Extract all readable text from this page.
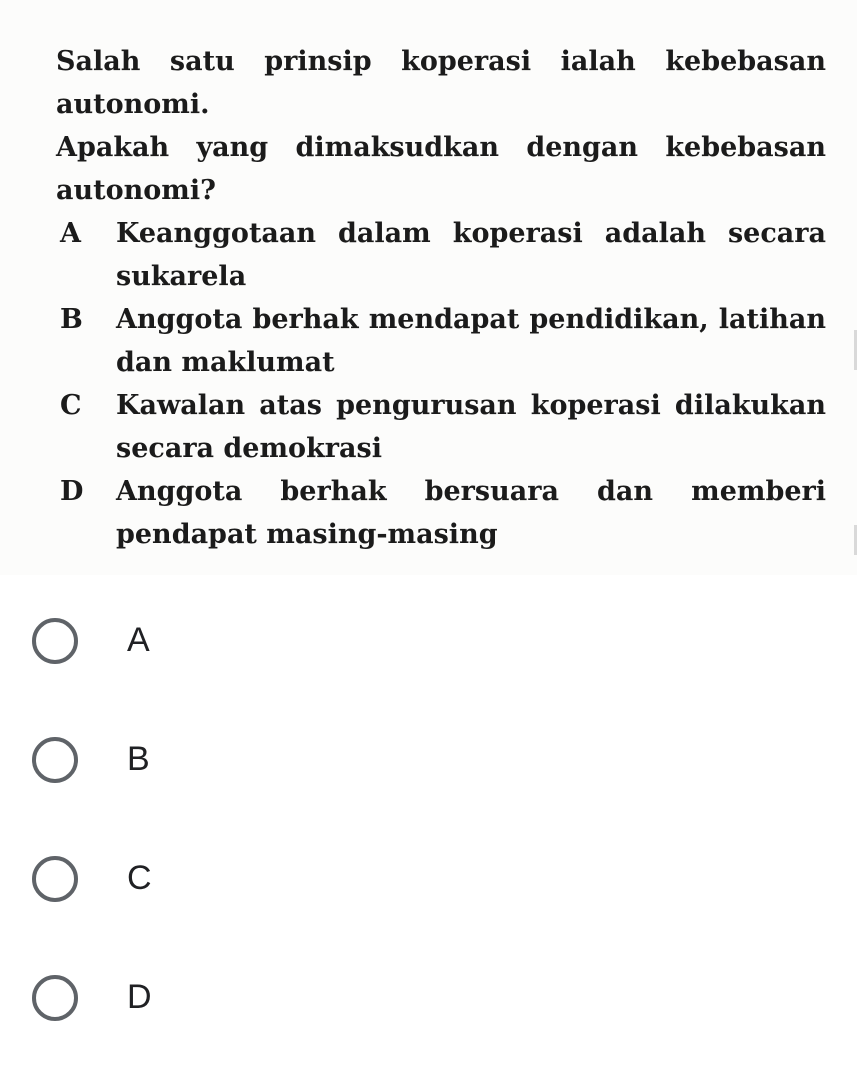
Salah satu prinsip koperasi ialah kebebasan autonomi.

Apakah yang dimaksudkan dengan kebebasan autonomi?

A Keanggotaan dalam koperasi adalah secara sukarela

B Anggota berhak mendapat pendidikan, latihan dan maklumat

C Kawalan atas pengurusan koperasi dilakukan secara demokrasi

D Anggota berhak bersuara dan memberi pendapat masing-masing

A
B
C
D
